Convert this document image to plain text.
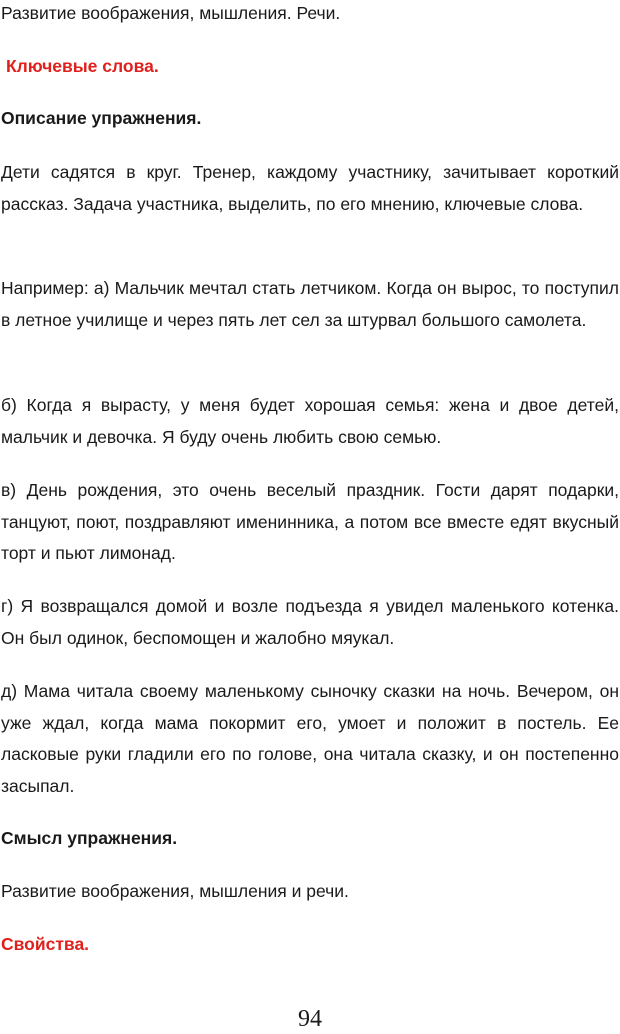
Развитие воображения, мышления. Речи.

Ключевые слова.

Описание упражнения.

Дети садятся в круг. Тренер, каждому участнику, зачитывает короткий рассказ. Задача участника, выделить, по его мнению, ключевые слова.

Например: а) Мальчик мечтал стать летчиком. Когда он вырос, то поступил в летное училище и через пять лет сел за штурвал большого самолета.

б) Когда я вырасту, у меня будет хорошая семья: жена и двое детей, мальчик и девочка. Я буду очень любить свою семью.

в) День рождения, это очень веселый праздник. Гости дарят подарки, танцуют, поют, поздравляют именинника, а потом все вместе едят вкусный торт и пьют лимонад.

г) Я возвращался домой и возле подъезда я увидел маленького котенка. Он был одинок, беспомощен и жалобно мяукал.

д) Мама читала своему маленькому сыночку сказки на ночь. Вечером, он уже ждал, когда мама покормит его, умоет и положит в постель. Ее ласковые руки гладили его по голове, она читала сказку, и он постепенно засыпал.

Смысл упражнения.

Развитие воображения, мышления и речи.

Свойства.

94
